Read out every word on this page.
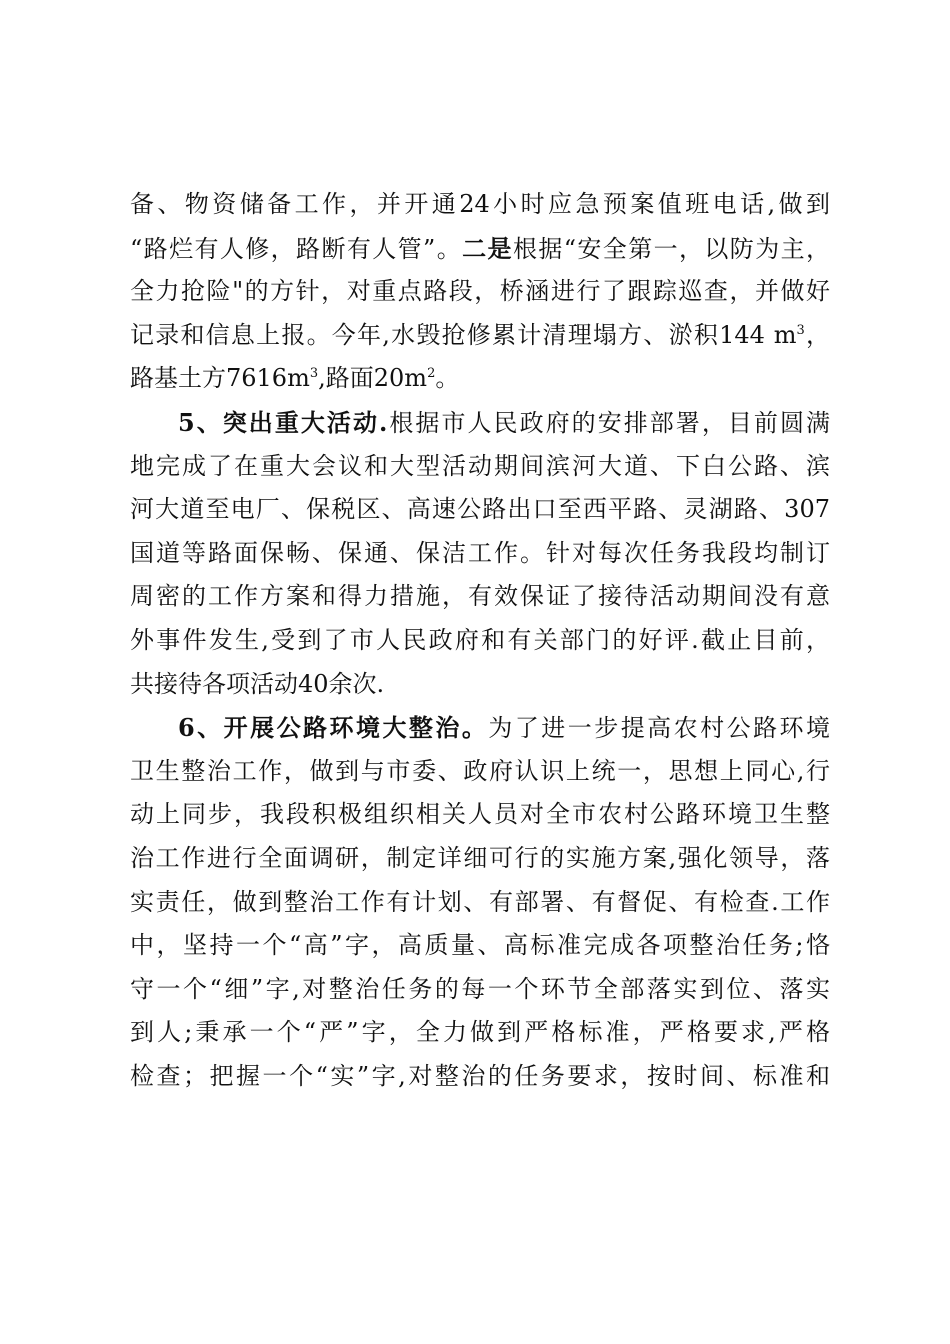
备、物资储备工作，并开通24小时应急预案值班电话,做到
“路烂有人修，路断有人管”。二是根据“安全第一，以防为主，
全力抢险"的方针，对重点路段，桥涵进行了跟踪巡查，并做好
记录和信息上报。今年,水毁抢修累计清理塌方、淤积144 $m^3$，
路基土方$7616m^3$,路面$20m^2$。
5、突出重大活动.根据市人民政府的安排部署，目前圆满
地完成了在重大会议和大型活动期间滨河大道、下白公路、滨
河大道至电厂、保税区、高速公路出口至西平路、灵湖路、307
国道等路面保畅、保通、保洁工作。针对每次任务我段均制订
周密的工作方案和得力措施，有效保证了接待活动期间没有意
外事件发生,受到了市人民政府和有关部门的好评.截止目前，
共接待各项活动40余次.
6、开展公路环境大整治。为了进一步提高农村公路环境
卫生整治工作，做到与市委、政府认识上统一，思想上同心,行
动上同步，我段积极组织相关人员对全市农村公路环境卫生整
治工作进行全面调研，制定详细可行的实施方案,强化领导，落
实责任，做到整治工作有计划、有部署、有督促、有检查.工作
中，坚持一个“高”字，高质量、高标准完成各项整治任务;恪
守一个“细”字,对整治任务的每一个环节全部落实到位、落实
到人;秉承一个“严”字，全力做到严格标准，严格要求,严格
检查；把握一个“实”字,对整治的任务要求，按时间、标准和
